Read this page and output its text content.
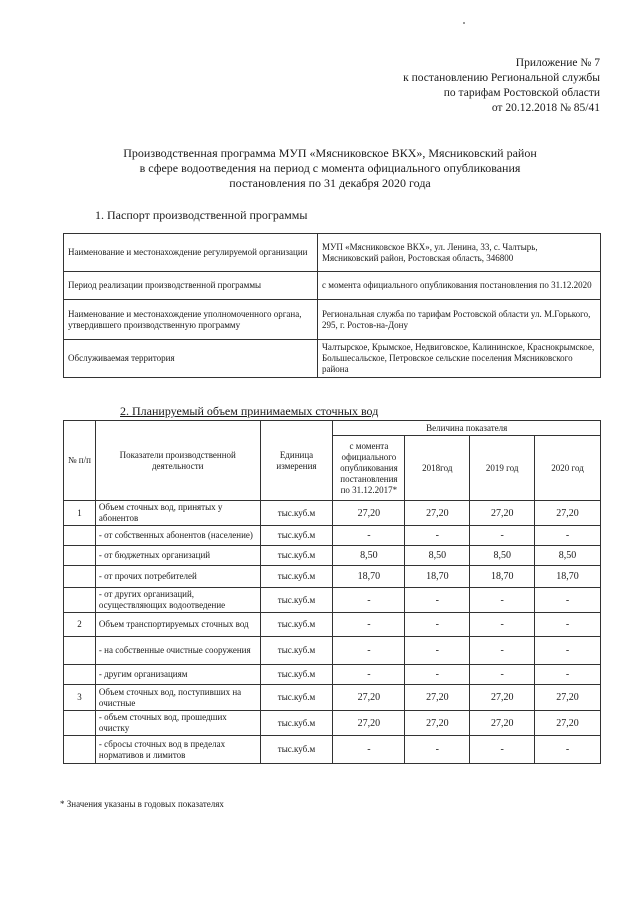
Приложение № 7
к постановлению Региональной службы
по тарифам Ростовской области
от 20.12.2018 № 85/41
Производственная программа МУП «Мясниковское ВКХ», Мясниковский район
в сфере водоотведения на период с момента официального опубликования
постановления по 31 декабря 2020 года
1. Паспорт производственной программы
Наименование и местонахождение регулируемой организации	МУП «Мясниковское ВКХ», ул. Ленина, 33, с. Чалтырь, Мясниковский район, Ростовская область, 346800
Период реализации производственной программы	с момента официального опубликования постановления по 31.12.2020
Наименование и местонахождение уполномоченного органа, утвердившего производственную программу	Региональная служба по тарифам Ростовской области ул. М.Горького, 295, г. Ростов-на-Дону
Обслуживаемая территория	Чалтырское, Крымское, Недвиговское, Калининское, Краснокрымское, Большесальское, Петровское сельские поселения Мясниковского района
2. Планируемый объем принимаемых сточных вод
№ п/п	Показатели производственной деятельности	Единица измерения	Величина показателя			
			с момента официального опубликования постановления по 31.12.2017*	2018год	2019 год	2020 год
1	Объем сточных вод, принятых у абонентов	тыс.куб.м	27,20	27,20	27,20	27,20
	- от собственных абонентов (население)	тыс.куб.м	-	-	-	-
	- от бюджетных организаций	тыс.куб.м	8,50	8,50	8,50	8,50
	- от прочих потребителей	тыс.куб.м	18,70	18,70	18,70	18,70
	- от других организаций, осуществляющих водоотведение	тыс.куб.м	-	-	-	-
2	Объем транспортируемых сточных вод	тыс.куб.м	-	-	-	-
	- на собственные очистные сооружения	тыс.куб.м	-	-	-	-
	- другим организациям	тыс.куб.м	-	-	-	-
3	Объем сточных вод, поступивших на очистные	тыс.куб.м	27,20	27,20	27,20	27,20
	- объем сточных вод, прошедших очистку	тыс.куб.м	27,20	27,20	27,20	27,20
	- сбросы сточных вод в пределах нормативов и лимитов	тыс.куб.м	-	-	-	-
* Значения указаны в годовых показателях
